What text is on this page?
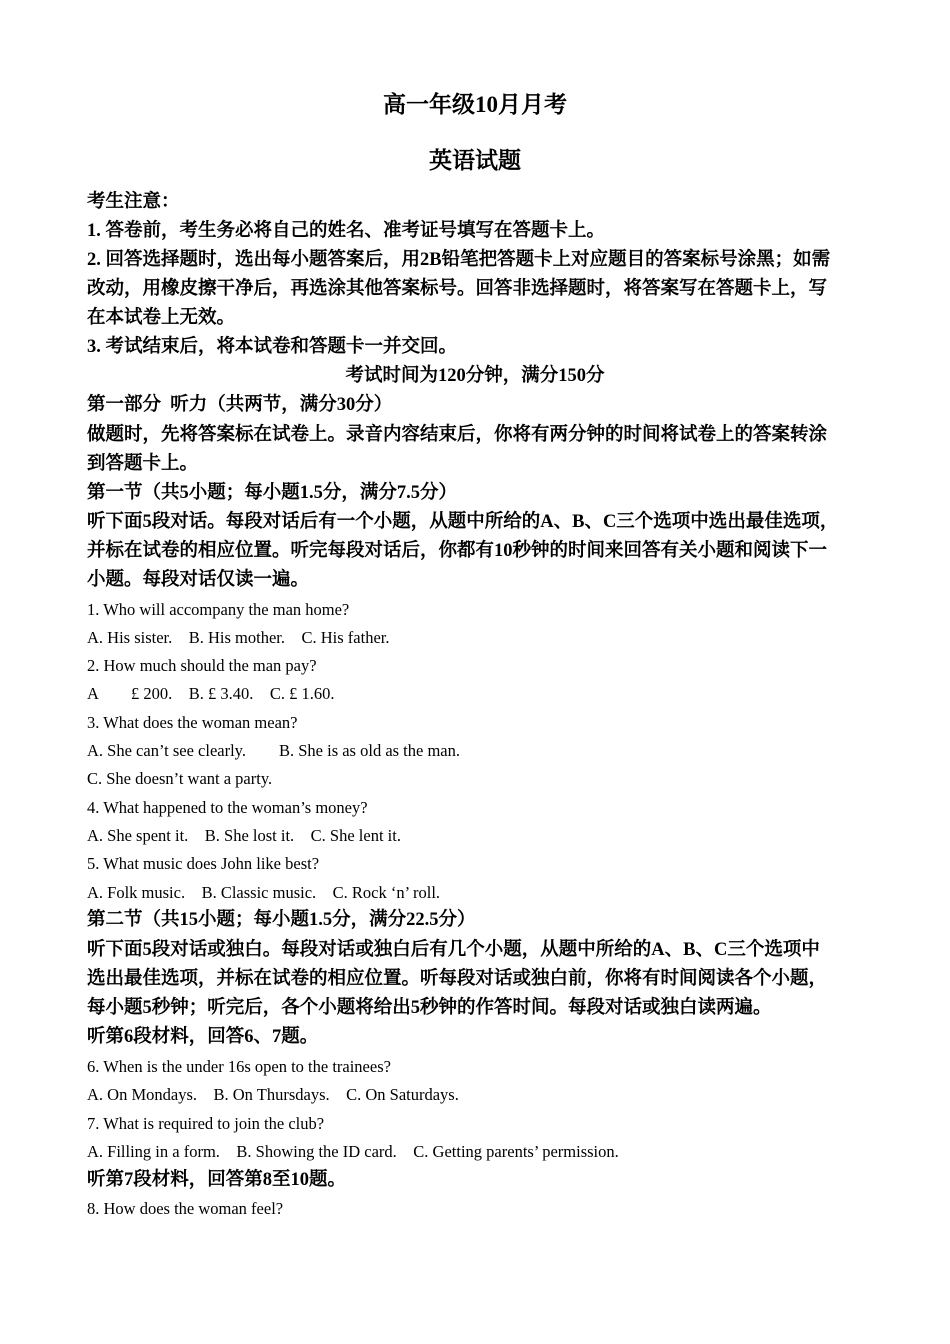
高一年级10月月考
英语试题
考生注意：
1. 答卷前，考生务必将自己的姓名、准考证号填写在答题卡上。
2. 回答选择题时，选出每小题答案后，用2B铅笔把答题卡上对应题目的答案标号涂黑；如需
改动，用橡皮擦干净后，再选涂其他答案标号。回答非选择题时，将答案写在答题卡上，写
在本试卷上无效。
3. 考试结束后，将本试卷和答题卡一并交回。
考试时间为120分钟，满分150分
第一部分  听力（共两节，满分30分）
做题时，先将答案标在试卷上。录音内容结束后，你将有两分钟的时间将试卷上的答案转涂
到答题卡上。
第一节（共5小题；每小题1.5分，满分7.5分）
听下面5段对话。每段对话后有一个小题，从题中所给的A、B、C三个选项中选出最佳选项，
并标在试卷的相应位置。听完每段对话后，你都有10秒钟的时间来回答有关小题和阅读下一
小题。每段对话仅读一遍。
1. Who will accompany the man home?
A. His sister.    B. His mother.    C. His father.
2. How much should the man pay?
A        £ 200.    B. £ 3.40.    C. £ 1.60.
3. What does the woman mean?
A. She can’t see clearly.        B. She is as old as the man.
C. She doesn’t want a party.
4. What happened to the woman’s money?
A. She spent it.    B. She lost it.    C. She lent it.
5. What music does John like best?
A. Folk music.    B. Classic music.    C. Rock ‘n’ roll.
第二节（共15小题；每小题1.5分，满分22.5分）
听下面5段对话或独白。每段对话或独白后有几个小题，从题中所给的A、B、C三个选项中
选出最佳选项，并标在试卷的相应位置。听每段对话或独白前，你将有时间阅读各个小题，
每小题5秒钟；听完后，各个小题将给出5秒钟的作答时间。每段对话或独白读两遍。
听第6段材料，回答6、7题。
6. When is the under 16s open to the trainees?
A. On Mondays.    B. On Thursdays.    C. On Saturdays.
7. What is required to join the club?
A. Filling in a form.    B. Showing the ID card.    C. Getting parents’ permission.
听第7段材料，回答第8至10题。
8. How does the woman feel?
